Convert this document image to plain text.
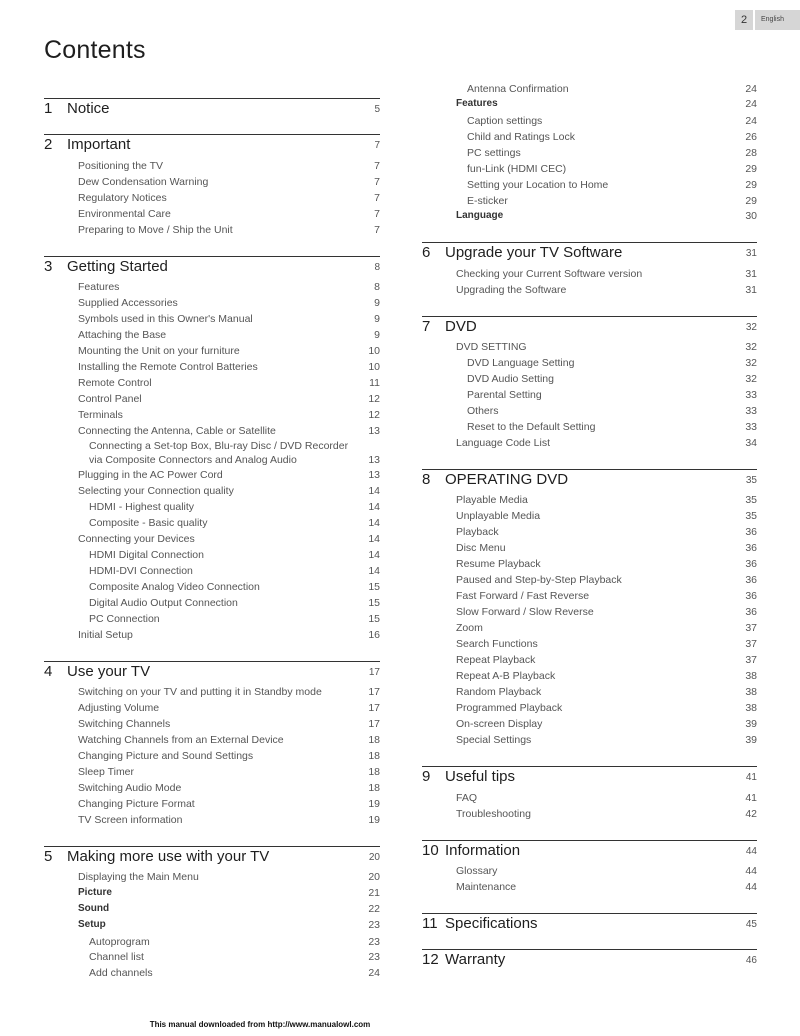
2	English
Contents
1 Notice	5
2 Important	7
Positioning the TV	7
Dew Condensation Warning	7
Regulatory Notices	7
Environmental Care	7
Preparing to Move / Ship the Unit	7
3 Getting Started	8
Features	8
Supplied Accessories	9
Symbols used in this Owner's Manual	9
Attaching the Base	9
Mounting the Unit on your furniture	10
Installing the Remote Control Batteries	10
Remote Control	11
Control Panel	12
Terminals	12
Connecting the Antenna, Cable or Satellite	13
Connecting a Set-top Box, Blu-ray Disc / DVD Recorder
via Composite Connectors and Analog Audio	13
Plugging in the AC Power Cord	13
Selecting your Connection quality	14
HDMI - Highest quality	14
Composite - Basic quality	14
Connecting your Devices	14
HDMI Digital Connection	14
HDMI-DVI Connection	14
Composite Analog Video Connection	15
Digital Audio Output Connection	15
PC Connection	15
Initial Setup	16
4 Use your TV	17
Switching on your TV and putting it in Standby mode	17
Adjusting Volume	17
Switching Channels	17
Watching Channels from an External Device	18
Changing Picture and Sound Settings	18
Sleep Timer	18
Switching Audio Mode	18
Changing Picture Format	19
TV Screen information	19
5 Making more use with your TV	20
Displaying the Main Menu	20
Picture	21
Sound	22
Setup	23
Autoprogram	23
Channel list	23
Add channels	24
Antenna Confirmation	24
Features	24
Caption settings	24
Child and Ratings Lock	26
PC settings	28
fun-Link (HDMI CEC)	29
Setting your Location to Home	29
E-sticker	29
Language	30
6 Upgrade your TV Software	31
Checking your Current Software version	31
Upgrading the Software	31
7 DVD	32
DVD SETTING	32
DVD Language Setting	32
DVD Audio Setting	32
Parental Setting	33
Others	33
Reset to the Default Setting	33
Language Code List	34
8 OPERATING DVD	35
Playable Media	35
Unplayable Media	35
Playback	36
Disc Menu	36
Resume Playback	36
Paused and Step-by-Step Playback	36
Fast Forward / Fast Reverse	36
Slow Forward / Slow Reverse	36
Zoom	37
Search Functions	37
Repeat Playback	37
Repeat A-B Playback	38
Random Playback	38
Programmed Playback	38
On-screen Display	39
Special Settings	39
9 Useful tips	41
FAQ	41
Troubleshooting	42
10 Information	44
Glossary	44
Maintenance	44
11 Specifications	45
12 Warranty	46
This manual downloaded from http://www.manualowl.com
